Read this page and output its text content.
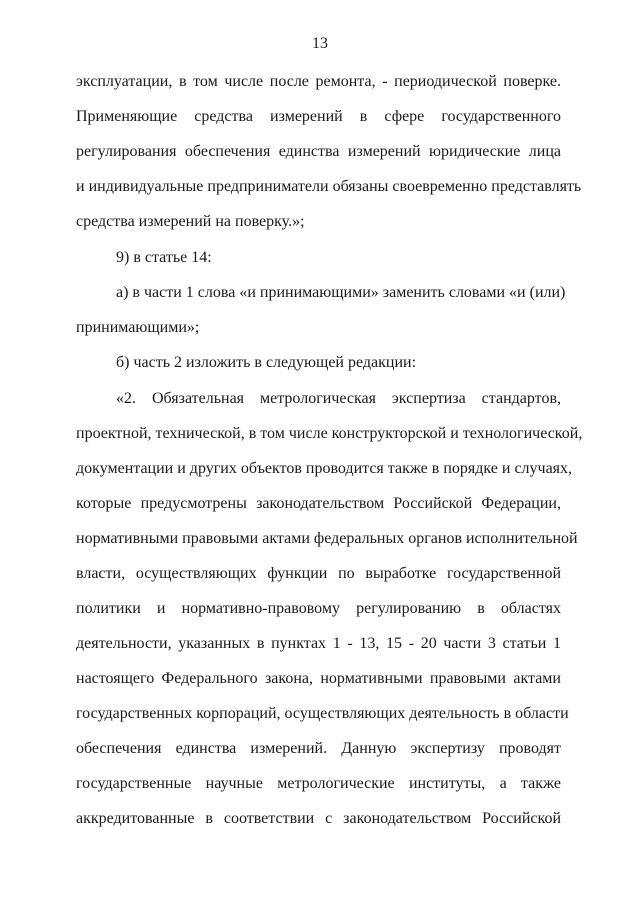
13
эксплуатации, в том числе после ремонта, - периодической поверке.
Применяющие средства измерений в сфере государственного
регулирования обеспечения единства измерений юридические лица
и индивидуальные предприниматели обязаны своевременно представлять
средства измерений на поверку.»;
9) в статье 14:
а) в части 1 слова «и принимающими» заменить словами «и (или)
принимающими»;
б) часть 2 изложить в следующей редакции:
«2. Обязательная метрологическая экспертиза стандартов,
проектной, технической, в том числе конструкторской и технологической,
документации и других объектов проводится также в порядке и случаях,
которые предусмотрены законодательством Российской Федерации,
нормативными правовыми актами федеральных органов исполнительной
власти, осуществляющих функции по выработке государственной
политики и нормативно-правовому регулированию в областях
деятельности, указанных в пунктах 1 - 13, 15 - 20 части 3 статьи 1
настоящего Федерального закона, нормативными правовыми актами
государственных корпораций, осуществляющих деятельность в области
обеспечения единства измерений. Данную экспертизу проводят
государственные научные метрологические институты, а также
аккредитованные в соответствии с законодательством Российской
